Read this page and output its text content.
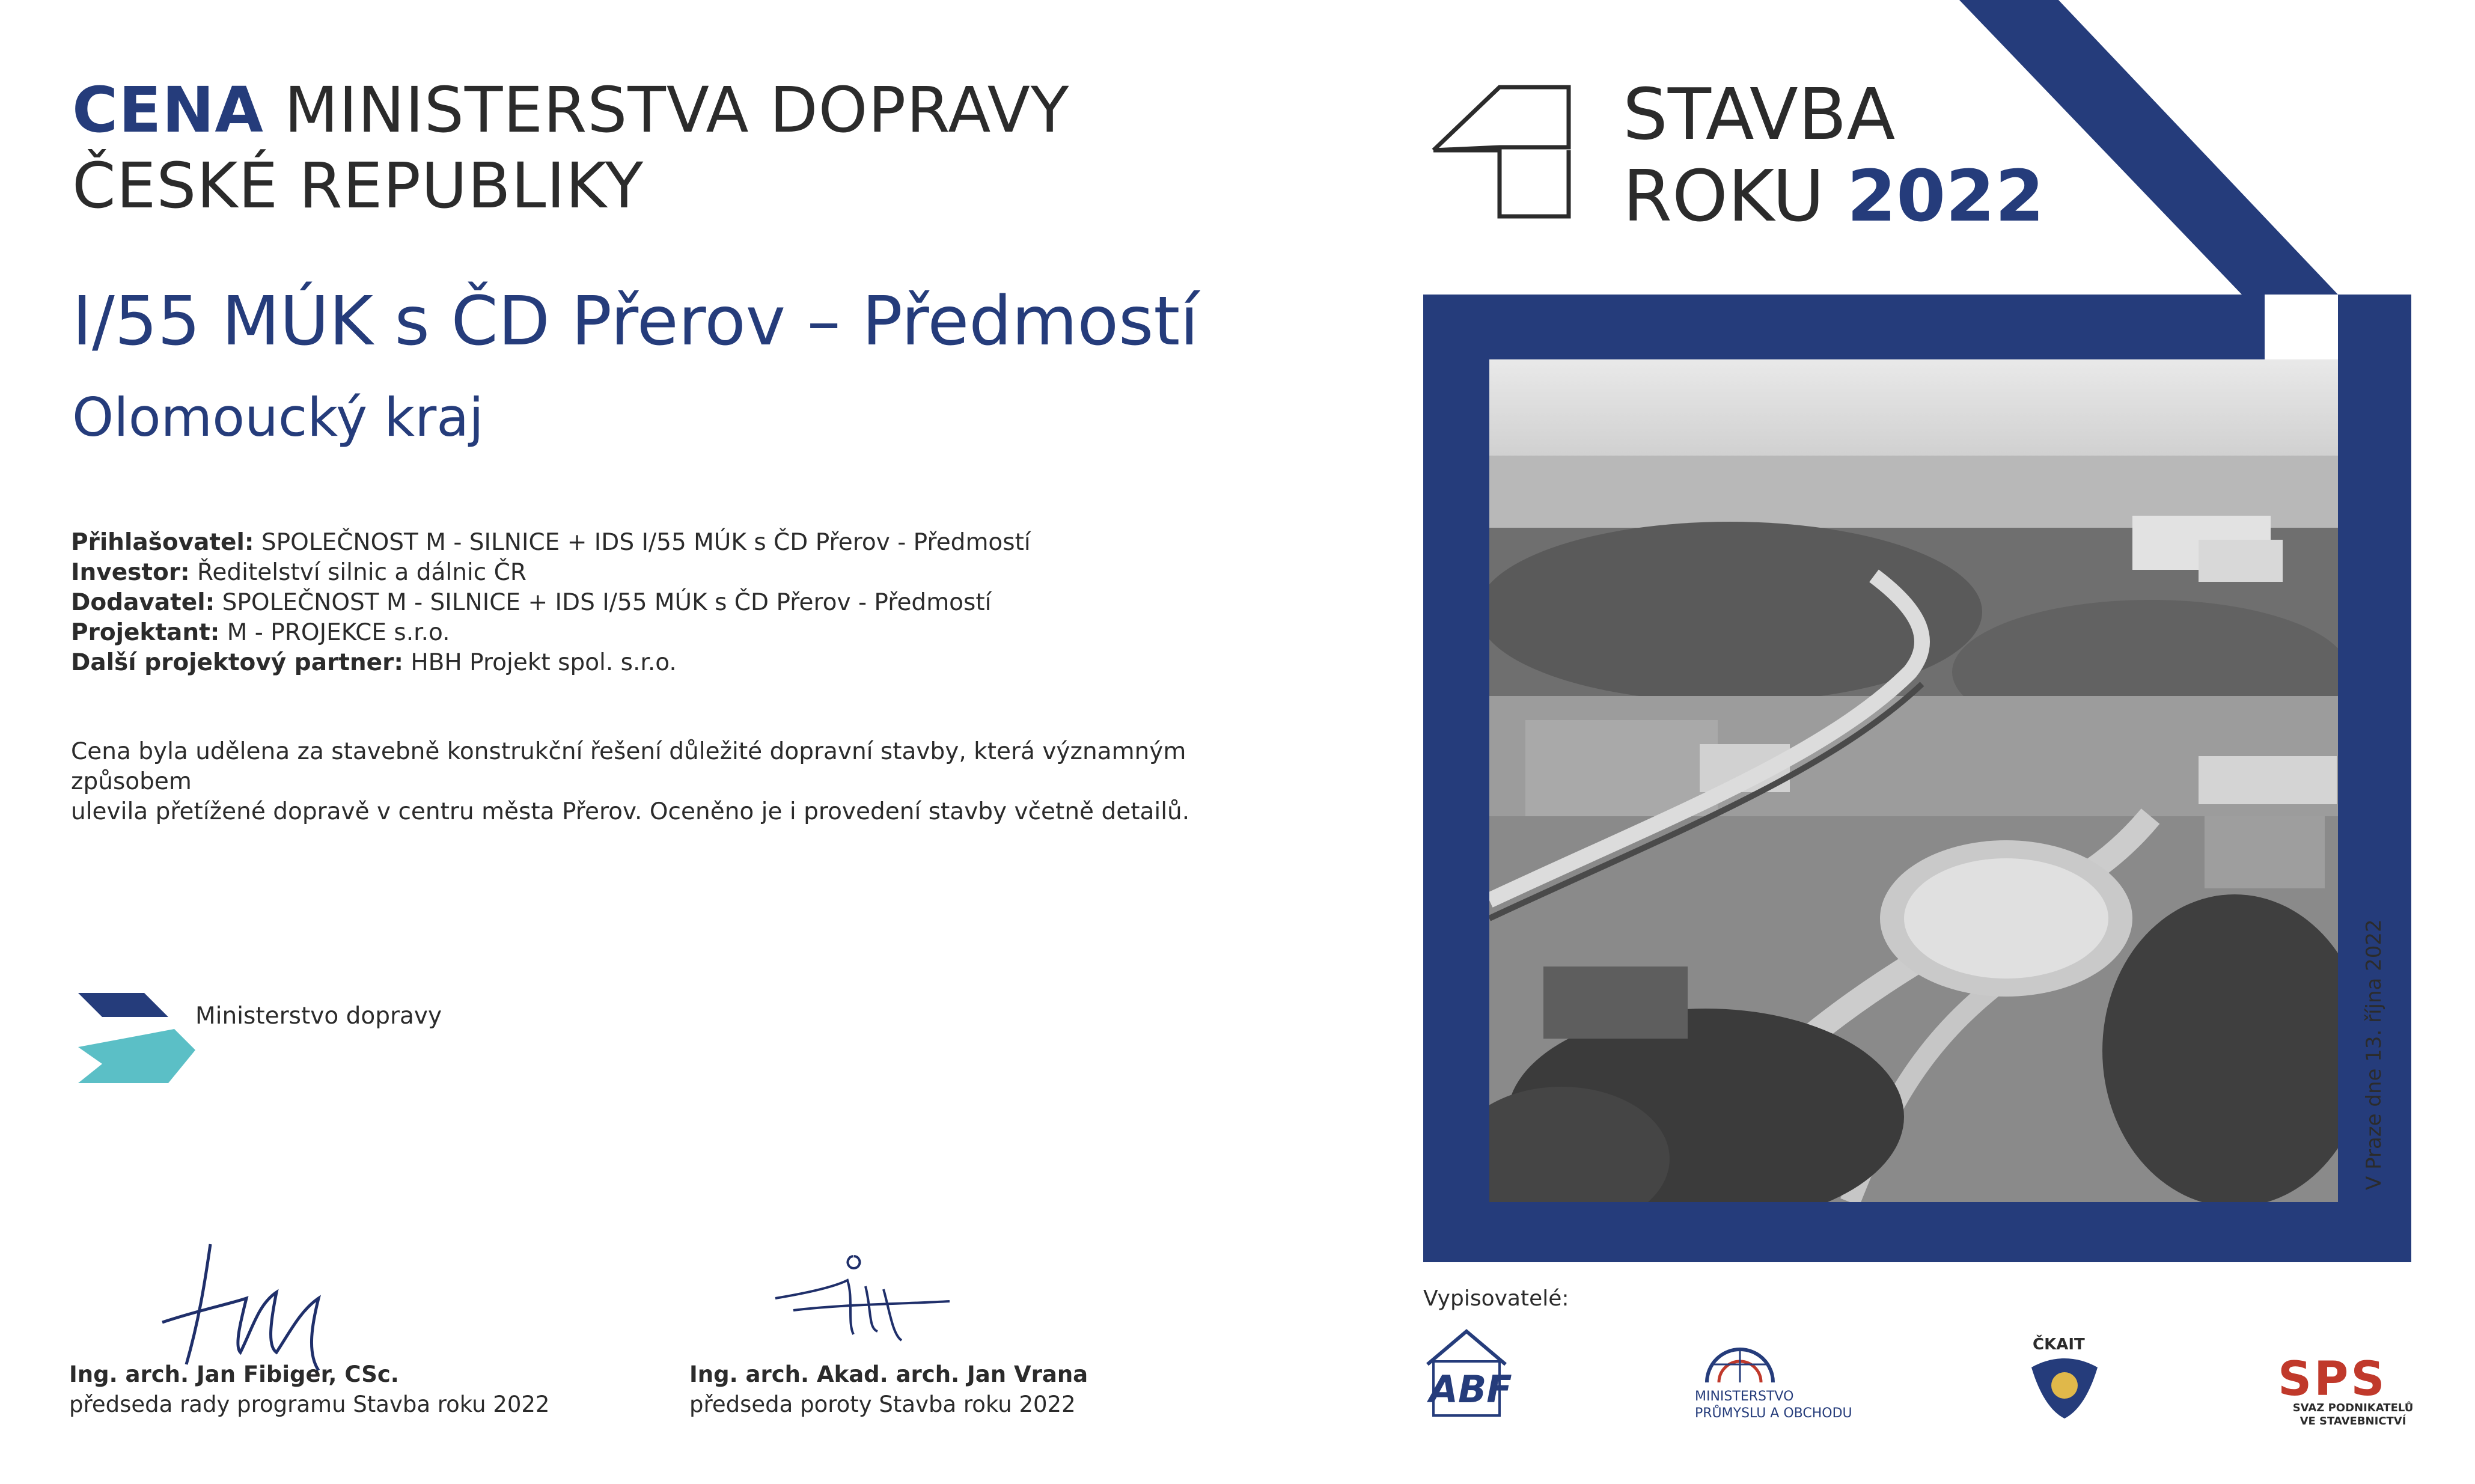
CENA MINISTERSTVA DOPRAVY
ČESKÉ REPUBLIKY
I/55 MÚK s ČD Přerov – Předmostí
Olomoucký kraj
Přihlašovatel: SPOLEČNOST M - SILNICE + IDS I/55 MÚK s ČD Přerov - Předmostí
Investor: Ředitelství silnic a dálnic ČR
Dodavatel: SPOLEČNOST M - SILNICE + IDS I/55 MÚK s ČD Přerov - Předmostí
Projektant: M - PROJEKCE s.r.o.
Další projektový partner: HBH Projekt spol. s.r.o.
Cena byla udělena za stavebně konstrukční řešení důležité dopravní stavby, která významným způsobem
ulevila přetížené dopravě v centru města Přerov. Oceněno je i provedení stavby včetně detailů.
Ministerstvo dopravy
Ing. arch. Jan Fibiger, CSc.
předseda rady programu Stavba roku 2022
Ing. arch. Akad. arch. Jan Vrana
předseda poroty Stavba roku 2022
STAVBA
ROKU 2022
V Praze dne 13. října 2022
Vypisovatelé:
ABF	MINISTERSTVO
PRŮMYSLU A OBCHODU
ČKAIT
SPS
SVAZ PODNIKATELŮ
VE STAVEBNICTVÍ
